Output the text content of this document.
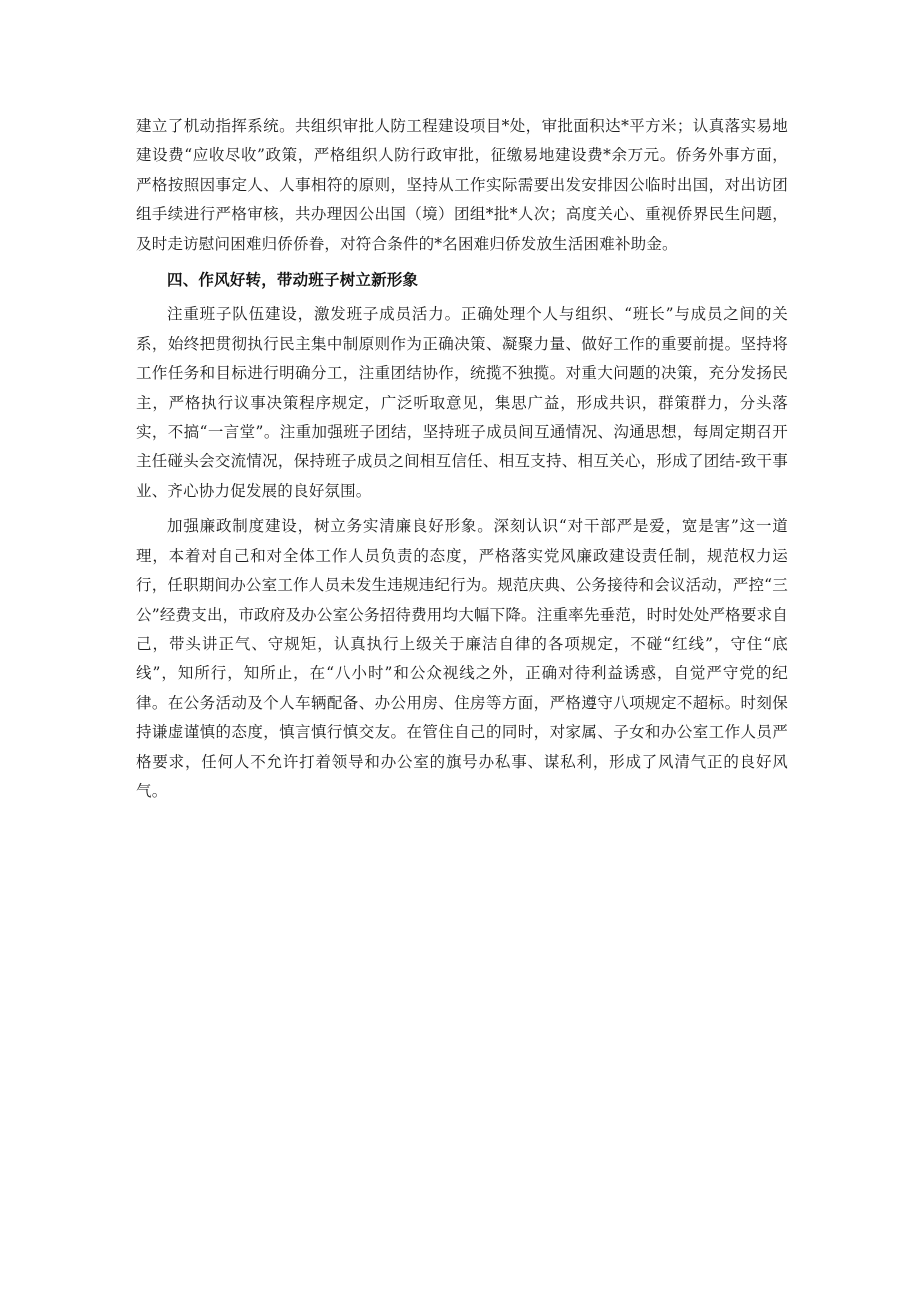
建立了机动指挥系统。共组织审批人防工程建设项目*处，审批面积达*平方米；认真落实易地建设费“应收尽收”政策，严格组织人防行政审批，征缴易地建设费*余万元。侨务外事方面，严格按照因事定人、人事相符的原则，坚持从工作实际需要出发安排因公临时出国，对出访团组手续进行严格审核，共办理因公出国（境）团组*批*人次；高度关心、重视侨界民生问题，及时走访慰问困难归侨侨眷，对符合条件的*名困难归侨发放生活困难补助金。

四、作风好转，带动班子树立新形象

注重班子队伍建设，激发班子成员活力。正确处理个人与组织、“班长”与成员之间的关系，始终把贯彻执行民主集中制原则作为正确决策、凝聚力量、做好工作的重要前提。坚持将工作任务和目标进行明确分工，注重团结协作，统揽不独揽。对重大问题的决策，充分发扬民主，严格执行议事决策程序规定，广泛听取意见，集思广益，形成共识，群策群力，分头落实，不搞“一言堂”。注重加强班子团结，坚持班子成员间互通情况、沟通思想，每周定期召开主任碰头会交流情况，保持班子成员之间相互信任、相互支持、相互关心，形成了团结-致干事业、齐心协力促发展的良好氛围。

加强廉政制度建设，树立务实清廉良好形象。深刻认识“对干部严是爱，宽是害”这一道理，本着对自己和对全体工作人员负责的态度，严格落实党风廉政建设责任制，规范权力运行，任职期间办公室工作人员未发生违规违纪行为。规范庆典、公务接待和会议活动，严控“三公”经费支出，市政府及办公室公务招待费用均大幅下降。注重率先垂范，时时处处严格要求自己，带头讲正气、守规矩，认真执行上级关于廉洁自律的各项规定，不碰“红线”，守住“底线”，知所行，知所止，在“八小时”和公众视线之外，正确对待利益诱惑，自觉严守党的纪律。在公务活动及个人车辆配备、办公用房、住房等方面，严格遵守八项规定不超标。时刻保持谦虚谨慎的态度，慎言慎行慎交友。在管住自己的同时，对家属、子女和办公室工作人员严格要求，任何人不允许打着领导和办公室的旗号办私事、谋私利，形成了风清气正的良好风气。
